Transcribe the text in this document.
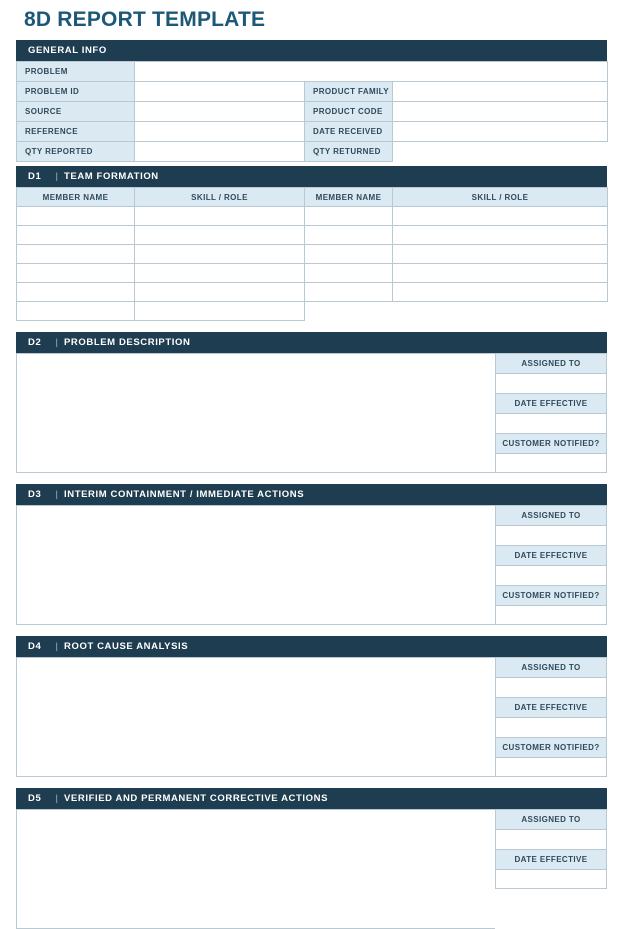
8D REPORT TEMPLATE
GENERAL INFO
PROBLEM			
PROBLEM ID		PRODUCT FAMILY	
SOURCE		PRODUCT CODE	
REFERENCE		DATE RECEIVED	
QTY REPORTED		QTY RETURNED	
D1	| TEAM FORMATION
MEMBER NAME	SKILL / ROLE	MEMBER NAME	SKILL / ROLE

D2	| PROBLEM DESCRIPTION
ASSIGNED TO
DATE EFFECTIVE
CUSTOMER NOTIFIED?
D3	| INTERIM CONTAINMENT / IMMEDIATE ACTIONS
ASSIGNED TO
DATE EFFECTIVE
CUSTOMER NOTIFIED?
D4	| ROOT CAUSE ANALYSIS
ASSIGNED TO
DATE EFFECTIVE
CUSTOMER NOTIFIED?
D5	| VERIFIED AND PERMANENT CORRECTIVE ACTIONS
ASSIGNED TO
DATE EFFECTIVE
